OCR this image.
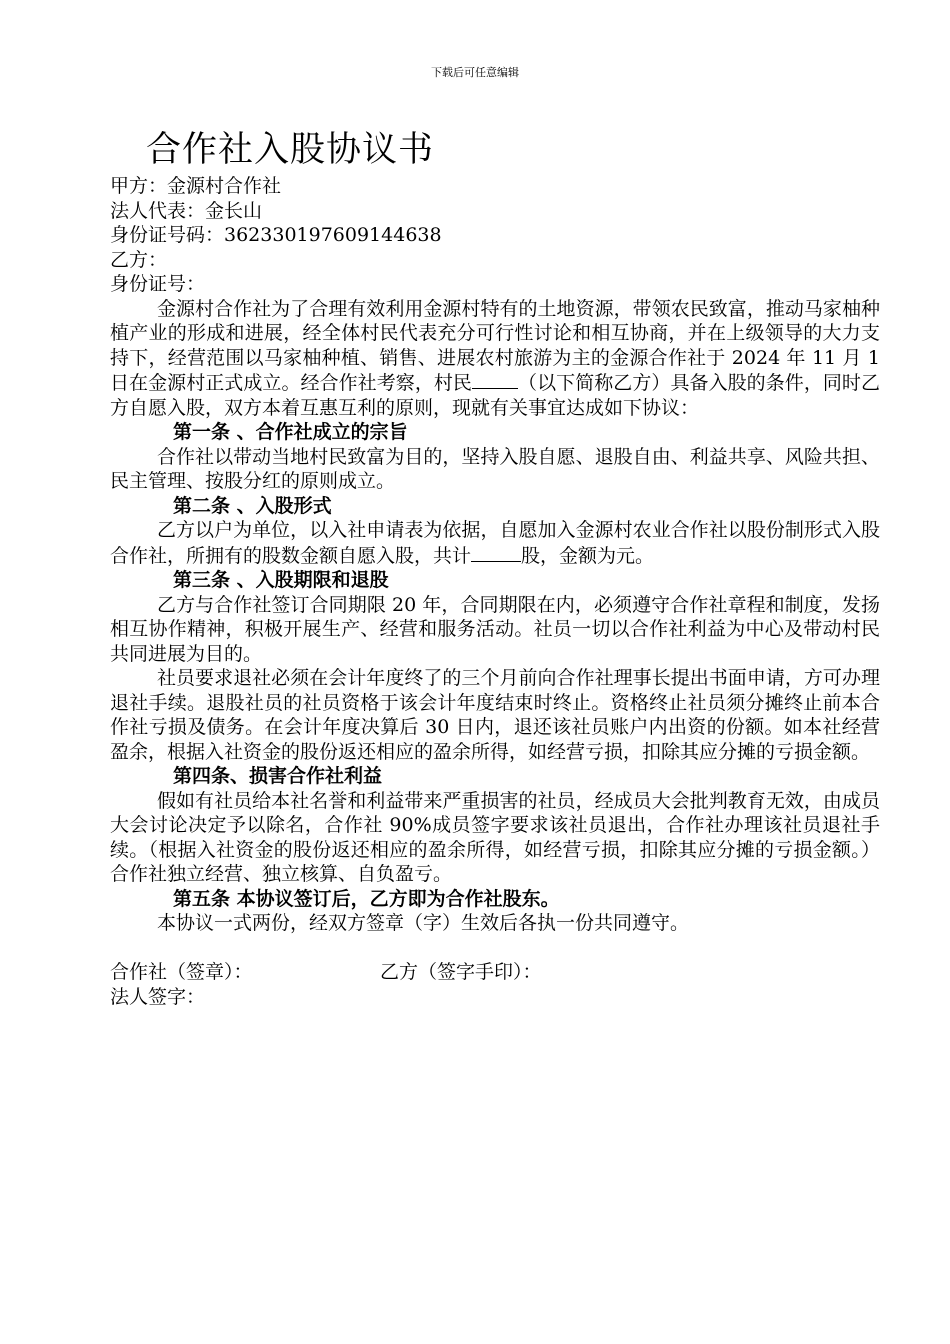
下载后可任意编辑
合作社入股协议书
甲方：金源村合作社
法人代表：金长山
身份证号码：362330197609144638
乙方：
身份证号：
金源村合作社为了合理有效利用金源村特有的土地资源，带领农民致富，推动马家柚种植产业的形成和进展，经全体村民代表充分可行性讨论和相互协商，并在上级领导的大力支持下，经营范围以马家柚种植、销售、进展农村旅游为主的金源合作社于 2024 年 11 月 1 日在金源村正式成立。经合作社考察，村民 （以下简称乙方）具备入股的条件，同时乙方自愿入股，双方本着互惠互利的原则，现就有关事宜达成如下协议：
第一条 、合作社成立的宗旨
合作社以带动当地村民致富为目的，坚持入股自愿、退股自由、利益共享、风险共担、民主管理、按股分红的原则成立。
第二条 、入股形式
乙方以户为单位，以入社申请表为依据，自愿加入金源村农业合作社以股份制形式入股合作社，所拥有的股数金额自愿入股，共计	股，金额为元。
第三条 、入股期限和退股
乙方与合作社签订合同期限 20 年，合同期限在内，必须遵守合作社章程和制度，发扬相互协作精神，积极开展生产、经营和服务活动。社员一切以合作社利益为中心及带动村民共同进展为目的。
社员要求退社必须在会计年度终了的三个月前向合作社理事长提出书面申请，方可办理退社手续。退股社员的社员资格于该会计年度结束时终止。资格终止社员须分摊终止前本合作社亏损及债务。在会计年度决算后 30 日内，退还该社员账户内出资的份额。如本社经营盈余，根据入社资金的股份返还相应的盈余所得，如经营亏损，扣除其应分摊的亏损金额。
第四条、损害合作社利益
假如有社员给本社名誉和利益带来严重损害的社员，经成员大会批判教育无效，由成员大会讨论决定予以除名，合作社 90%成员签字要求该社员退出，合作社办理该社员退社手续。（根据入社资金的股份返还相应的盈余所得，如经营亏损，扣除其应分摊的亏损金额。） 合作社独立经营、独立核算、自负盈亏。
第五条 本协议签订后，乙方即为合作社股东。
本协议一式两份，经双方签章（字）生效后各执一份共同遵守。
合作社（签章）：	乙方（签字手印）：
法人签字：
